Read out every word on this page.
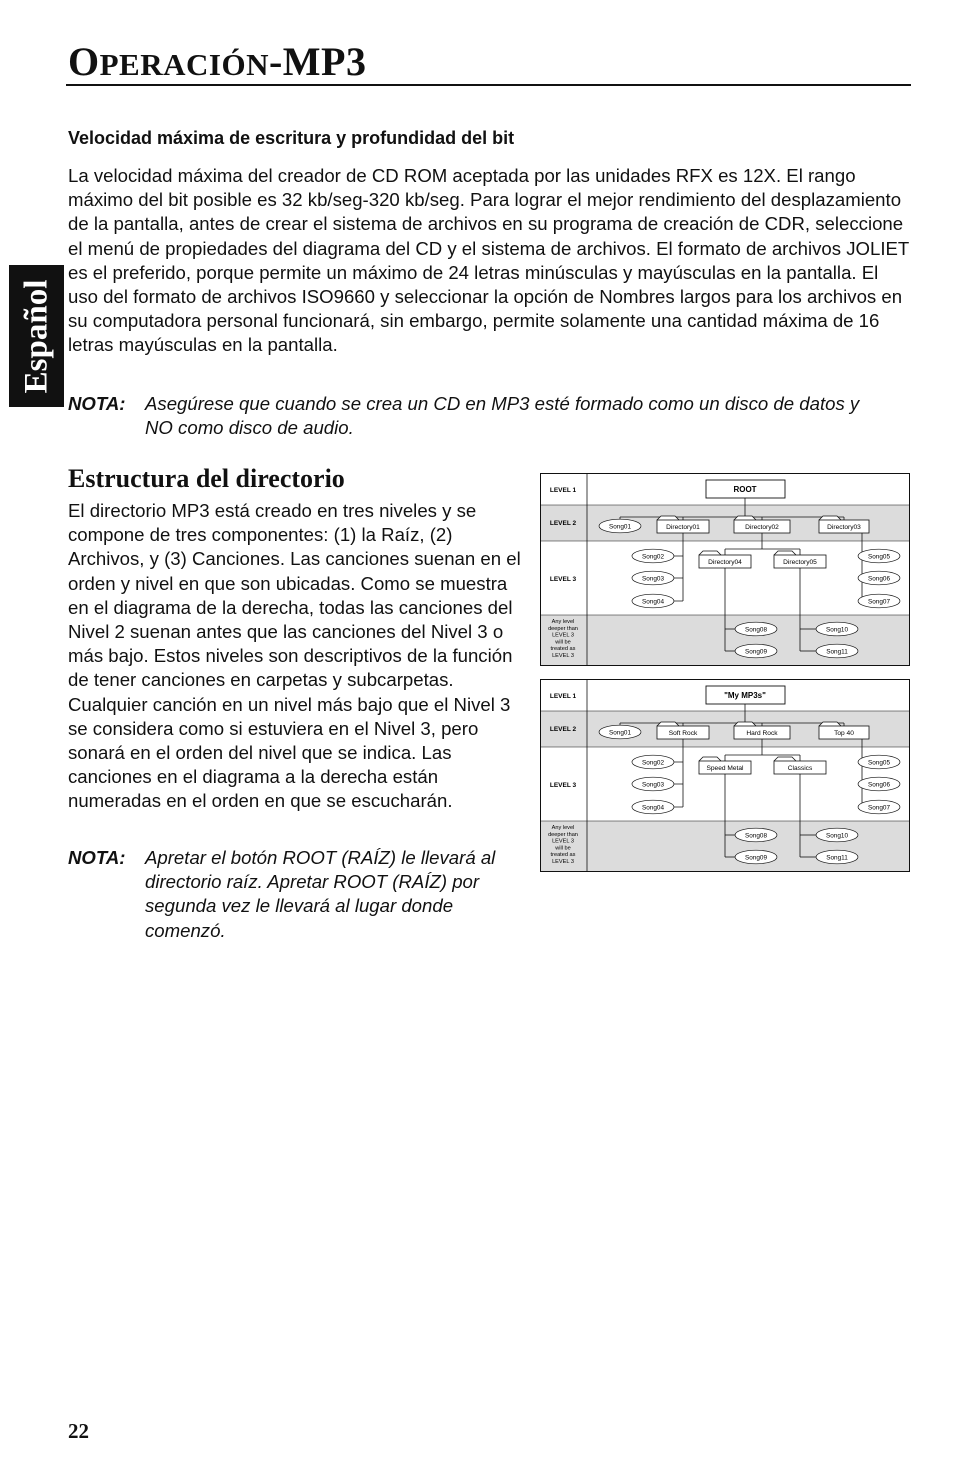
OPERACIÓN-MP3
Español
Velocidad máxima de escritura y profundidad del bit
La velocidad máxima del creador de CD ROM aceptada por las unidades RFX es 12X. El rango máximo del bit posible es 32 kb/seg-320 kb/seg. Para lograr el mejor rendimiento del desplazamiento de la pantalla, antes de crear el sistema de archivos en su programa de creación de CDR, seleccione el menú de propiedades del diagrama del CD y el sistema de archivos. El formato de archivos JOLIET es el preferido, porque permite un máximo de 24 letras minúsculas y mayúsculas en la pantalla. El uso del formato de archivos ISO9660 y seleccionar la opción de Nombres largos para los archivos en su computadora personal funcionará, sin embargo, permite solamente una cantidad máxima de 16 letras mayúsculas en la pantalla.
NOTA: Asegúrese que cuando se crea un CD en MP3 esté formado como un disco de datos y NO como disco de audio.
Estructura del directorio
El directorio MP3 está creado en tres niveles y se compone de tres componentes: (1) la Raíz, (2) Archivos, y (3) Canciones. Las canciones suenan en el orden y nivel en que son ubicadas. Como se muestra en el diagrama de la derecha, todas las canciones del Nivel 2 suenan antes que las canciones del Nivel 3 o más bajo. Estos niveles son descriptivos de la función de tener canciones en carpetas y subcarpetas. Cualquier canción en un nivel más bajo que el Nivel 3 se considera como si estuviera en el Nivel 3, pero sonará en el orden del nivel que se indica. Las canciones en el diagrama a la derecha están numeradas en el orden en que se escucharán.
NOTA: Apretar el botón ROOT (RAÍZ) le llevará al directorio raíz. Apretar ROOT (RAÍZ) por segunda vez le llevará al lugar donde comenzó.
LEVEL 1
LEVEL 2
LEVEL 3
Any level
deeper than
LEVEL 3
will be
treated as
LEVEL 3
ROOT
Directory01	Directory02	Directory03
Directory04	Directory05
Song01
Song02
Song03
Song04
Song05
Song06
Song07
Song08
Song09
Song10
Song11
LEVEL 1
LEVEL 2
LEVEL 3
Any level
deeper than
LEVEL 3
will be
treated as
LEVEL 3
"My MP3s"
Soft Rock	Hard Rock	Top 40
Speed Metal	Classics
Song01
Song02
Song03
Song04
Song05
Song06
Song07
Song08
Song09
Song10
Song11
22
